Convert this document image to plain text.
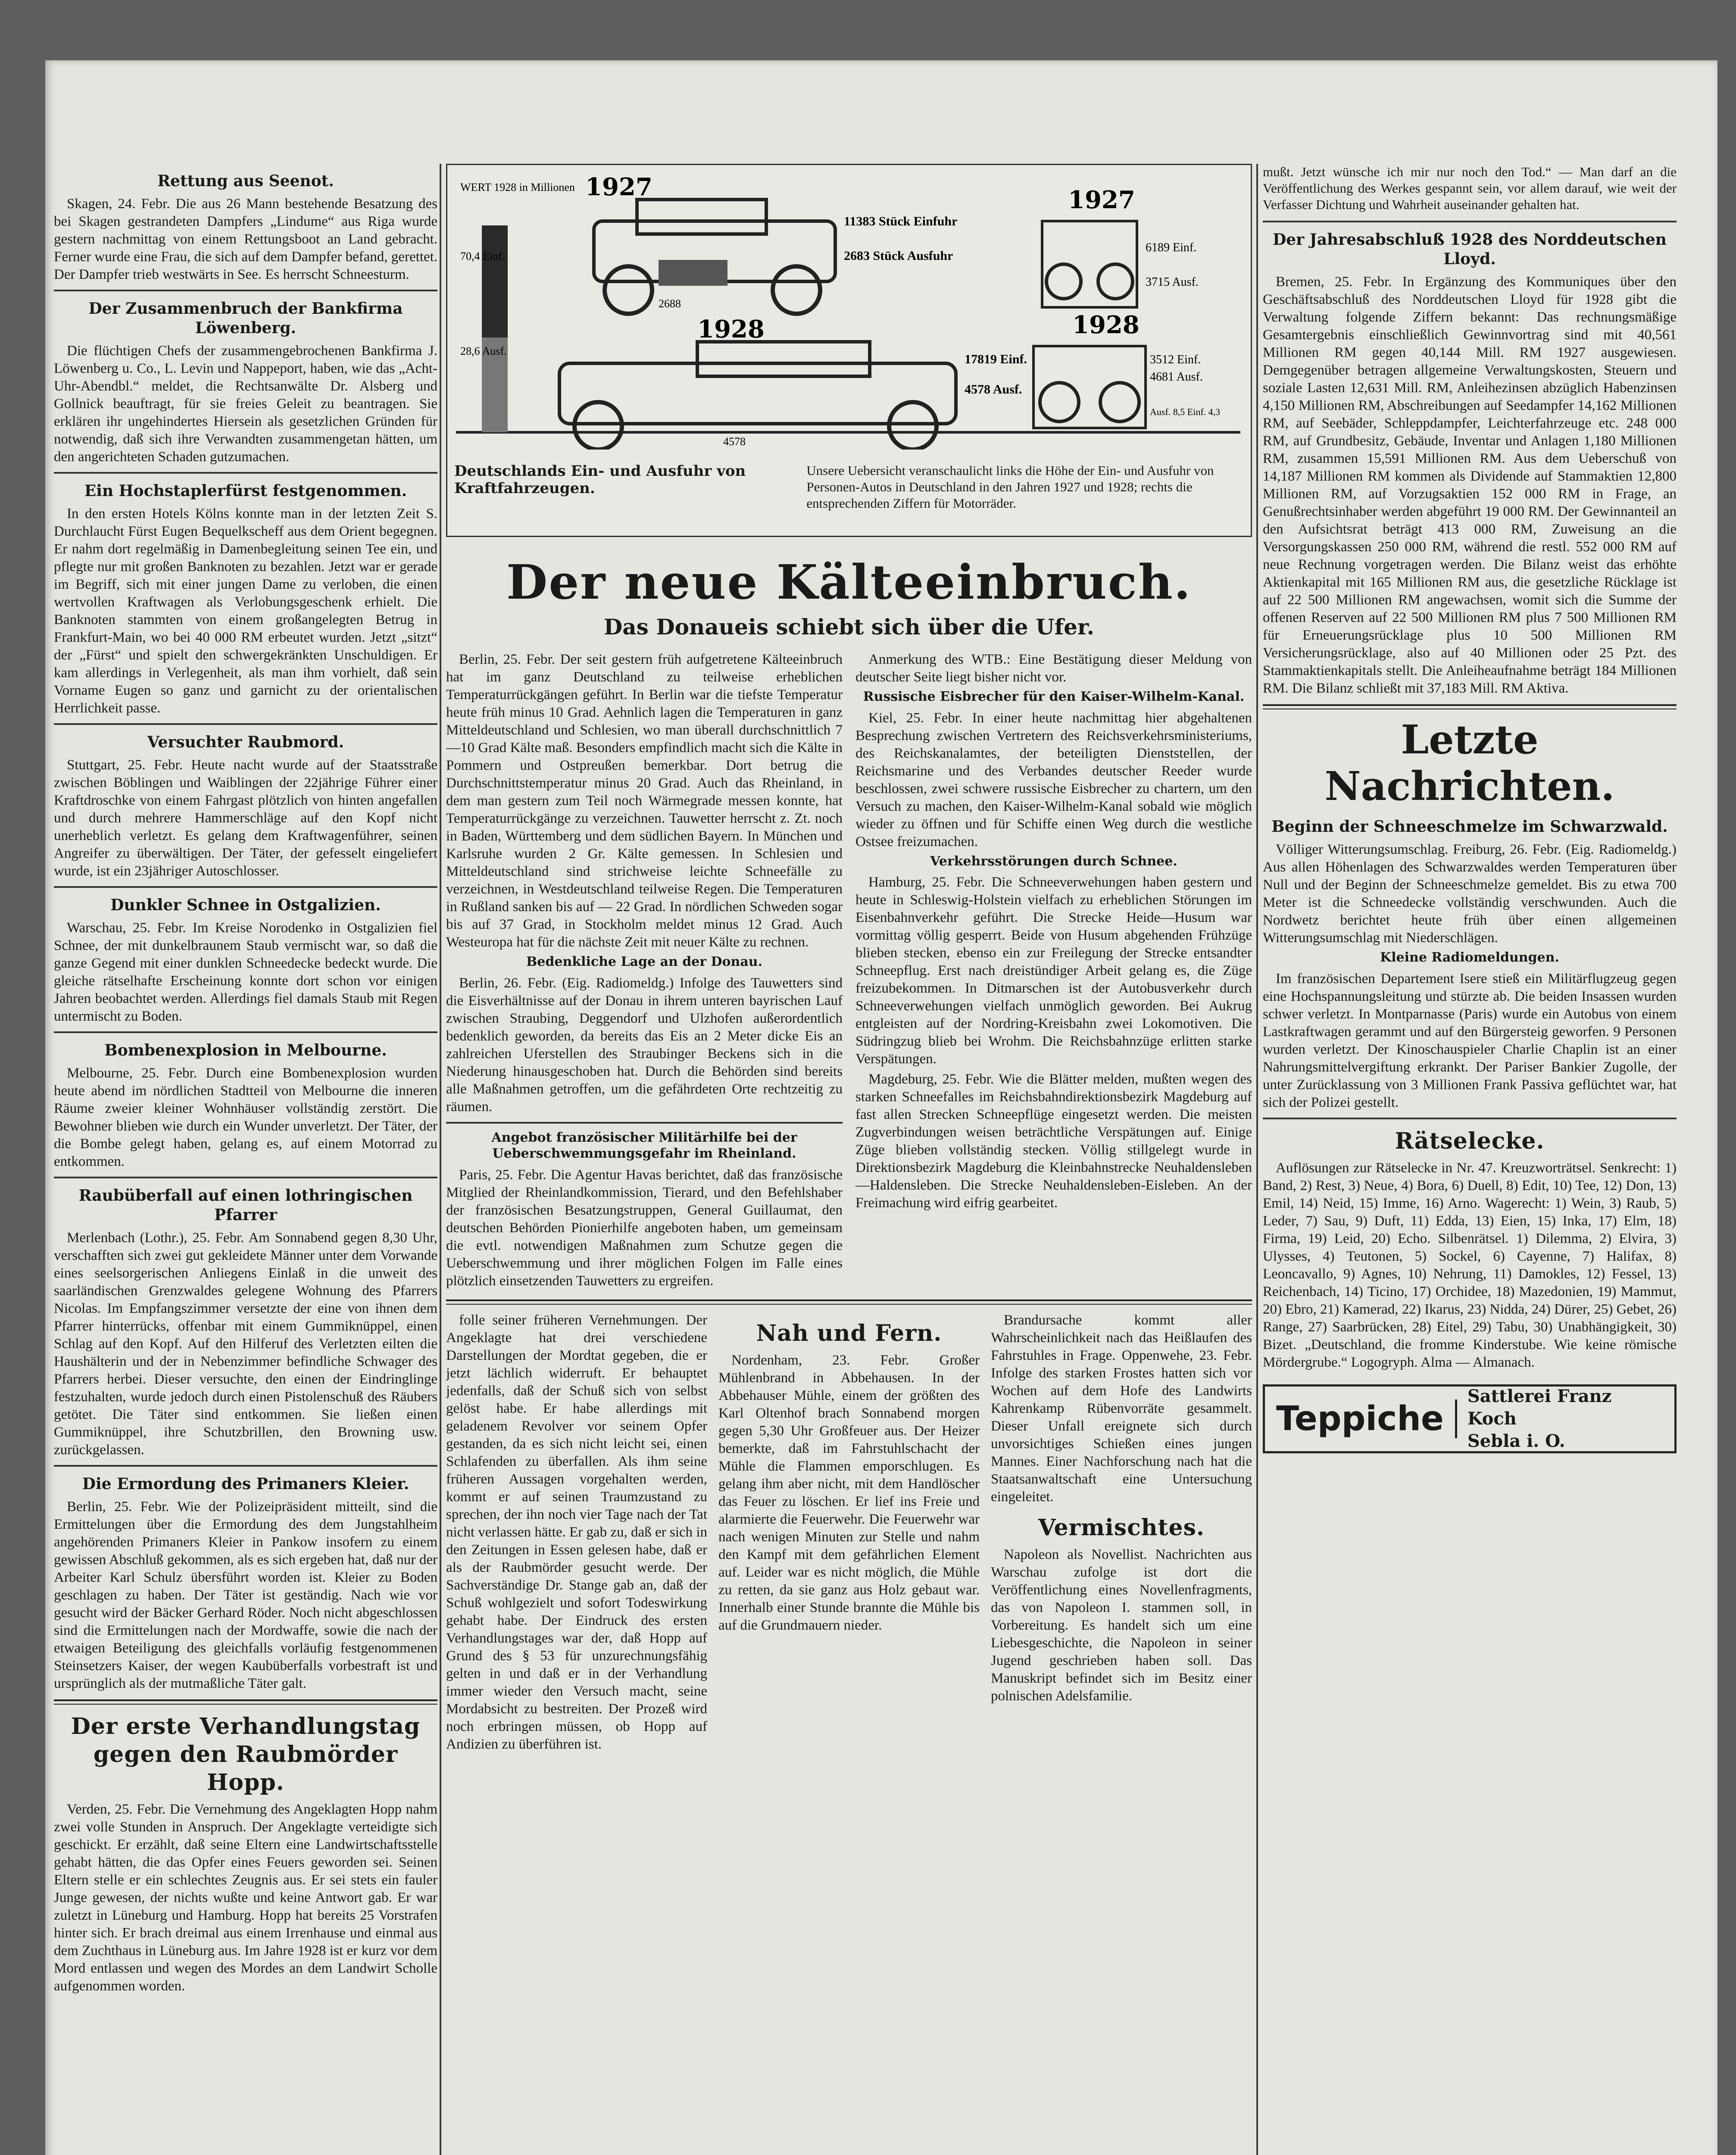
Rettung aus Seenot.

Skagen, 24. Febr. Die aus 26 Mann bestehende Besatzung des bei Skagen gestrandeten Dampfers „Lindume“ aus Riga wurde gestern nachmittag von einem Rettungsboot an Land gebracht. Ferner wurde eine Frau, die sich auf dem Dampfer befand, gerettet. Der Dampfer trieb westwärts in See. Es herrscht Schneesturm.

Der Zusammenbruch der Bankfirma Löwenberg.

Die flüchtigen Chefs der zusammengebrochenen Bankfirma J. Löwenberg u. Co., L. Levin und Nappeport, haben, wie das „Acht-Uhr-Abendbl.“ meldet, die Rechtsanwälte Dr. Alsberg und Gollnick beauftragt, für sie freies Geleit zu beantragen. Sie erklären ihr ungehindertes Hiersein als gesetzlichen Gründen für notwendig, daß sich ihre Verwandten zusammengetan hätten, um den angerichteten Schaden gutzumachen.

Ein Hochstaplerfürst festgenommen.

In den ersten Hotels Kölns konnte man in der letzten Zeit S. Durchlaucht Fürst Eugen Bequelkscheff aus dem Orient begegnen. Er nahm dort regelmäßig in Damenbegleitung seinen Tee ein, und pflegte nur mit großen Banknoten zu bezahlen. Jetzt war er gerade im Begriff, sich mit einer jungen Dame zu verloben, die einen wertvollen Kraftwagen als Verlobungsgeschenk erhielt. Die Banknoten stammten von einem großangelegten Betrug in Frankfurt-Main, wo bei 40 000 RM erbeutet wurden. Jetzt „sitzt“ der „Fürst“ und spielt den schwergekränkten Unschuldigen. Er kam allerdings in Verlegenheit, als man ihm vorhielt, daß sein Vorname Eugen so ganz und garnicht zu der orientalischen Herrlichkeit passe.

Versuchter Raubmord.

Stuttgart, 25. Febr. Heute nacht wurde auf der Staatsstraße zwischen Böblingen und Waiblingen der 22jährige Führer einer Kraftdroschke von einem Fahrgast plötzlich von hinten angefallen und durch mehrere Hammerschläge auf den Kopf nicht unerheblich verletzt. Es gelang dem Kraftwagenführer, seinen Angreifer zu überwältigen. Der Täter, der gefesselt eingeliefert wurde, ist ein 23jähriger Autoschlosser.

Dunkler Schnee in Ostgalizien.

Warschau, 25. Febr. Im Kreise Norodenko in Ostgalizien fiel Schnee, der mit dunkelbraunem Staub vermischt war, so daß die ganze Gegend mit einer dunklen Schneedecke bedeckt wurde. Die gleiche rätselhafte Erscheinung konnte dort schon vor einigen Jahren beobachtet werden. Allerdings fiel damals Staub mit Regen untermischt zu Boden.

Bombenexplosion in Melbourne.

Melbourne, 25. Febr. Durch eine Bombenexplosion wurden heute abend im nördlichen Stadtteil von Melbourne die inneren Räume zweier kleiner Wohnhäuser vollständig zerstört. Die Bewohner blieben wie durch ein Wunder unverletzt. Der Täter, der die Bombe gelegt haben, gelang es, auf einem Motorrad zu entkommen.

Raubüberfall auf einen lothringischen Pfarrer

Merlenbach (Lothr.), 25. Febr. Am Sonnabend gegen 8,30 Uhr, verschafften sich zwei gut gekleidete Männer unter dem Vorwande eines seelsorgerischen Anliegens Einlaß in die unweit des saarländischen Grenzwaldes gelegene Wohnung des Pfarrers Nicolas. Im Empfangszimmer versetzte der eine von ihnen dem Pfarrer hinterrücks, offenbar mit einem Gummiknüppel, einen Schlag auf den Kopf. Auf den Hilferuf des Verletzten eilten die Haushälterin und der in Nebenzimmer befindliche Schwager des Pfarrers herbei. Dieser versuchte, den einen der Eindringlinge festzuhalten, wurde jedoch durch einen Pistolenschuß des Räubers getötet. Die Täter sind entkommen. Sie ließen einen Gummiknüppel, ihre Schutzbrillen, den Browning usw. zurückgelassen.

Die Ermordung des Primaners Kleier.

Berlin, 25. Febr. Wie der Polizeipräsident mitteilt, sind die Ermittelungen über die Ermordung des dem Jungstahlheim angehörenden Primaners Kleier in Pankow insofern zu einem gewissen Abschluß gekommen, als es sich ergeben hat, daß nur der Arbeiter Karl Schulz übersführt worden ist. Kleier zu Boden geschlagen zu haben. Der Täter ist geständig. Nach wie vor gesucht wird der Bäcker Gerhard Röder. Noch nicht abgeschlossen sind die Ermittelungen nach der Mordwaffe, sowie die nach der etwaigen Beteiligung des gleichfalls vorläufig festgenommenen Steinsetzers Kaiser, der wegen Kaubüberfalls vorbestraft ist und ursprünglich als der mutmaßliche Täter galt.

Der erste Verhandlungstag gegen den Raubmörder Hopp.

Verden, 25. Febr. Die Vernehmung des Angeklagten Hopp nahm zwei volle Stunden in Anspruch. Der Angeklagte verteidigte sich geschickt. Er erzählt, daß seine Eltern eine Landwirtschaftsstelle gehabt hätten, die das Opfer eines Feuers geworden sei. Seinen Eltern stelle er ein schlechtes Zeugnis aus. Er sei stets ein fauler Junge gewesen, der nichts wußte und keine Antwort gab. Er war zuletzt in Lüneburg und Hamburg. Hopp hat bereits 25 Vorstrafen hinter sich. Er brach dreimal aus einem Irrenhause und einmal aus dem Zuchthaus in Lüneburg aus. Im Jahre 1928 ist er kurz vor dem Mord entlassen und wegen des Mordes an dem Landwirt Scholle aufgenommen worden.

WERT 1928 in Millionen
70,4 Einf.
28,6 Ausf.
1927
2688
11383 Stück Einfuhr
2683 Stück Ausfuhr
1928
4578
17819 Einf.
4578 Ausf.
1927
6189 Einf.
3715 Ausf.
1928
3512 Einf.
4681 Ausf.
Ausf. 8,5 Einf. 4,3
Deutschlands Ein- und Ausfuhr von Kraftfahrzeugen.
Unsere Uebersicht veranschaulicht links die Höhe der Ein- und Ausfuhr von Personen-Autos in Deutschland in den Jahren 1927 und 1928; rechts die entsprechenden Ziffern für Motorräder.
Der neue Kälteeinbruch.
Das Donaueis schiebt sich über die Ufer.

Berlin, 25. Febr. Der seit gestern früh aufgetretene Kälteeinbruch hat im ganz Deutschland zu teilweise erheblichen Temperaturrückgängen geführt. In Berlin war die tiefste Temperatur heute früh minus 10 Grad. Aehnlich lagen die Temperaturen in ganz Mitteldeutschland und Schlesien, wo man überall durchschnittlich 7—10 Grad Kälte maß. Besonders empfindlich macht sich die Kälte in Pommern und Ostpreußen bemerkbar. Dort betrug die Durchschnittstemperatur minus 20 Grad. Auch das Rheinland, in dem man gestern zum Teil noch Wärmegrade messen konnte, hat Temperaturrückgänge zu verzeichnen. Tauwetter herrscht z. Zt. noch in Baden, Württemberg und dem südlichen Bayern. In München und Karlsruhe wurden 2 Gr. Kälte gemessen. In Schlesien und Mitteldeutschland sind strichweise leichte Schneefälle zu verzeichnen, in Westdeutschland teilweise Regen. Die Temperaturen in Rußland sanken bis auf — 22 Grad. In nördlichen Schweden sogar bis auf 37 Grad, in Stockholm meldet minus 12 Grad. Auch Westeuropa hat für die nächste Zeit mit neuer Kälte zu rechnen.

Bedenkliche Lage an der Donau.

Berlin, 26. Febr. (Eig. Radiomeldg.) Infolge des Tauwetters sind die Eisverhältnisse auf der Donau in ihrem unteren bayrischen Lauf zwischen Straubing, Deggendorf und Ulzhofen außerordentlich bedenklich geworden, da bereits das Eis an 2 Meter dicke Eis an zahlreichen Uferstellen des Straubinger Beckens sich in die Niederung hinausgeschoben hat. Durch die Behörden sind bereits alle Maßnahmen getroffen, um die gefährdeten Orte rechtzeitig zu räumen.

Angebot französischer Militärhilfe bei der Ueberschwemmungsgefahr im Rheinland.

Paris, 25. Febr. Die Agentur Havas berichtet, daß das französische Mitglied der Rheinlandkommission, Tierard, und den Befehlshaber der französischen Besatzungstruppen, General Guillaumat, den deutschen Behörden Pionierhilfe angeboten haben, um gemeinsam die evtl. notwendigen Maßnahmen zum Schutze gegen die Ueberschwemmung und ihrer möglichen Folgen im Falle eines plötzlich einsetzenden Tauwetters zu ergreifen.

Anmerkung des WTB.: Eine Bestätigung dieser Meldung von deutscher Seite liegt bisher nicht vor.

Russische Eisbrecher für den Kaiser-Wilhelm-Kanal.

Kiel, 25. Febr. In einer heute nachmittag hier abgehaltenen Besprechung zwischen Vertretern des Reichsverkehrsministeriums, des Reichskanalamtes, der beteiligten Dienststellen, der Reichsmarine und des Verbandes deutscher Reeder wurde beschlossen, zwei schwere russische Eisbrecher zu chartern, um den Versuch zu machen, den Kaiser-Wilhelm-Kanal sobald wie möglich wieder zu öffnen und für Schiffe einen Weg durch die westliche Ostsee freizumachen.

Verkehrsstörungen durch Schnee.

Hamburg, 25. Febr. Die Schneeverwehungen haben gestern und heute in Schleswig-Holstein vielfach zu erheblichen Störungen im Eisenbahnverkehr geführt. Die Strecke Heide—Husum war vormittag völlig gesperrt. Beide von Husum abgehenden Frühzüge blieben stecken, ebenso ein zur Freilegung der Strecke entsandter Schneepflug. Erst nach dreistündiger Arbeit gelang es, die Züge freizubekommen. In Ditmarschen ist der Autobusverkehr durch Schneeverwehungen vielfach unmöglich geworden. Bei Aukrug entgleisten auf der Nordring-Kreisbahn zwei Lokomotiven. Die Südringzug blieb bei Wrohm. Die Reichsbahnzüge erlitten starke Verspätungen.

Magdeburg, 25. Febr. Wie die Blätter melden, mußten wegen des starken Schneefalles im Reichsbahndirektionsbezirk Magdeburg auf fast allen Strecken Schneepflüge eingesetzt werden. Die meisten Zugverbindungen weisen beträchtliche Verspätungen auf. Einige Züge blieben vollständig stecken. Völlig stillgelegt wurde in Direktionsbezirk Magdeburg die Kleinbahnstrecke Neuhaldensleben—Haldensleben. Die Strecke Neuhaldensleben-Eisleben. An der Freimachung wird eifrig gearbeitet.

folle seiner früheren Vernehmungen. Der Angeklagte hat drei verschiedene Darstellungen der Mordtat gegeben, die er jetzt lächlich widerruft. Er behauptet jedenfalls, daß der Schuß sich von selbst gelöst habe. Er habe allerdings mit geladenem Revolver vor seinem Opfer gestanden, da es sich nicht leicht sei, einen Schlafenden zu überfallen. Als ihm seine früheren Aussagen vorgehalten werden, kommt er auf seinen Traumzustand zu sprechen, der ihn noch vier Tage nach der Tat nicht verlassen hätte. Er gab zu, daß er sich in den Zeitungen in Essen gelesen habe, daß er als der Raubmörder gesucht werde. Der Sachverständige Dr. Stange gab an, daß der Schuß wohlgezielt und sofort Todeswirkung gehabt habe. Der Eindruck des ersten Verhandlungstages war der, daß Hopp auf Grund des § 53 für unzurechnungsfähig gelten in und daß er in der Verhandlung immer wieder den Versuch macht, seine Mordabsicht zu bestreiten. Der Prozeß wird noch erbringen müssen, ob Hopp auf Andizien zu überführen ist.

Nah und Fern.

Nordenham, 23. Febr. Großer Mühlenbrand in Abbehausen. In der Abbehauser Mühle, einem der größten des Karl Oltenhof brach Sonnabend morgen gegen 5,30 Uhr Großfeuer aus. Der Heizer bemerkte, daß im Fahrstuhlschacht der Mühle die Flammen emporschlugen. Es gelang ihm aber nicht, mit dem Handlöscher das Feuer zu löschen. Er lief ins Freie und alarmierte die Feuerwehr. Die Feuerwehr war nach wenigen Minuten zur Stelle und nahm den Kampf mit dem gefährlichen Element auf. Leider war es nicht möglich, die Mühle zu retten, da sie ganz aus Holz gebaut war. Innerhalb einer Stunde brannte die Mühle bis auf die Grundmauern nieder.

Brandursache kommt aller Wahrscheinlichkeit nach das Heißlaufen des Fahrstuhles in Frage. Oppenwehe, 23. Febr. Infolge des starken Frostes hatten sich vor Wochen auf dem Hofe des Landwirts Kahrenkamp Rübenvorräte gesammelt. Dieser Unfall ereignete sich durch unvorsichtiges Schießen eines jungen Mannes. Einer Nachforschung nach hat die Staatsanwaltschaft eine Untersuchung eingeleitet.

Vermischtes.

Napoleon als Novellist. Nachrichten aus Warschau zufolge ist dort die Veröffentlichung eines Novellenfragments, das von Napoleon I. stammen soll, in Vorbereitung. Es handelt sich um eine Liebesgeschichte, die Napoleon in seiner Jugend geschrieben haben soll. Das Manuskript befindet sich im Besitz einer polnischen Adelsfamilie.

mußt. Jetzt wünsche ich mir nur noch den Tod.“ — Man darf an die Veröffentlichung des Werkes gespannt sein, vor allem darauf, wie weit der Verfasser Dichtung und Wahrheit auseinander gehalten hat.
Der Jahresabschluß 1928 des Norddeutschen Lloyd.

Bremen, 25. Febr. In Ergänzung des Kommuniques über den Geschäftsabschluß des Norddeutschen Lloyd für 1928 gibt die Verwaltung folgende Ziffern bekannt: Das rechnungsmäßige Gesamtergebnis einschließlich Gewinnvortrag sind mit 40,561 Millionen RM gegen 40,144 Mill. RM 1927 ausgewiesen. Demgegenüber betragen allgemeine Verwaltungskosten, Steuern und soziale Lasten 12,631 Mill. RM, Anleihezinsen abzüglich Habenzinsen 4,150 Millionen RM, Abschreibungen auf Seedampfer 14,162 Millionen RM, auf Seebäder, Schleppdampfer, Leichterfahrzeuge etc. 248 000 RM, auf Grundbesitz, Gebäude, Inventar und Anlagen 1,180 Millionen RM, zusammen 15,591 Millionen RM. Aus dem Ueberschuß von 14,187 Millionen RM kommen als Dividende auf Stammaktien 12,800 Millionen RM, auf Vorzugsaktien 152 000 RM in Frage, an Genußrechtsinhaber werden abgeführt 19 000 RM. Der Gewinnanteil an den Aufsichtsrat beträgt 413 000 RM, Zuweisung an die Versorgungskassen 250 000 RM, während die restl. 552 000 RM auf neue Rechnung vorgetragen werden. Die Bilanz weist das erhöhte Aktienkapital mit 165 Millionen RM aus, die gesetzliche Rücklage ist auf 22 500 Millionen RM angewachsen, womit sich die Summe der offenen Reserven auf 22 500 Millionen RM plus 7 500 Millionen RM für Erneuerungsrücklage plus 10 500 Millionen RM Versicherungsrücklage, also auf 40 Millionen oder 25 Pzt. des Stammaktienkapitals stellt. Die Anleiheaufnahme beträgt 184 Millionen RM. Die Bilanz schließt mit 37,183 Mill. RM Aktiva.

Letzte Nachrichten.
Beginn der Schneeschmelze im Schwarzwald.

Völliger Witterungsumschlag. Freiburg, 26. Febr. (Eig. Radiomeldg.) Aus allen Höhenlagen des Schwarzwaldes werden Temperaturen über Null und der Beginn der Schneeschmelze gemeldet. Bis zu etwa 700 Meter ist die Schneedecke vollständig verschwunden. Auch die Nordwetz berichtet heute früh über einen allgemeinen Witterungsumschlag mit Niederschlägen.

Kleine Radiomeldungen.

Im französischen Departement Isere stieß ein Militärflugzeug gegen eine Hochspannungsleitung und stürzte ab. Die beiden Insassen wurden schwer verletzt. In Montparnasse (Paris) wurde ein Autobus von einem Lastkraftwagen gerammt und auf den Bürgersteig geworfen. 9 Personen wurden verletzt. Der Kinoschauspieler Charlie Chaplin ist an einer Nahrungsmittelvergiftung erkrankt. Der Pariser Bankier Zugolle, der unter Zurücklassung von 3 Millionen Frank Passiva geflüchtet war, hat sich der Polizei gestellt.

Rätselecke.

Auflösungen zur Rätselecke in Nr. 47. Kreuzworträtsel. Senkrecht: 1) Band, 2) Rest, 3) Neue, 4) Bora, 6) Duell, 8) Edit, 10) Tee, 12) Don, 13) Emil, 14) Neid, 15) Imme, 16) Arno. Wagerecht: 1) Wein, 3) Raub, 5) Leder, 7) Sau, 9) Duft, 11) Edda, 13) Eien, 15) Inka, 17) Elm, 18) Firma, 19) Leid, 20) Echo. Silbenrätsel. 1) Dilemma, 2) Elvira, 3) Ulysses, 4) Teutonen, 5) Sockel, 6) Cayenne, 7) Halifax, 8) Leoncavallo, 9) Agnes, 10) Nehrung, 11) Damokles, 12) Fessel, 13) Reichenbach, 14) Ticino, 17) Orchidee, 18) Mazedonien, 19) Mammut, 20) Ebro, 21) Kamerad, 22) Ikarus, 23) Nidda, 24) Dürer, 25) Gebet, 26) Range, 27) Saarbrücken, 28) Eitel, 29) Tabu, 30) Unabhängigkeit, 30) Bizet. „Deutschland, die fromme Kinderstube. Wie keine römische Mördergrube.“ Logogryph. Alma — Almanach.

Teppiche
Sattlerei Franz Koch
Sebla i. O.
